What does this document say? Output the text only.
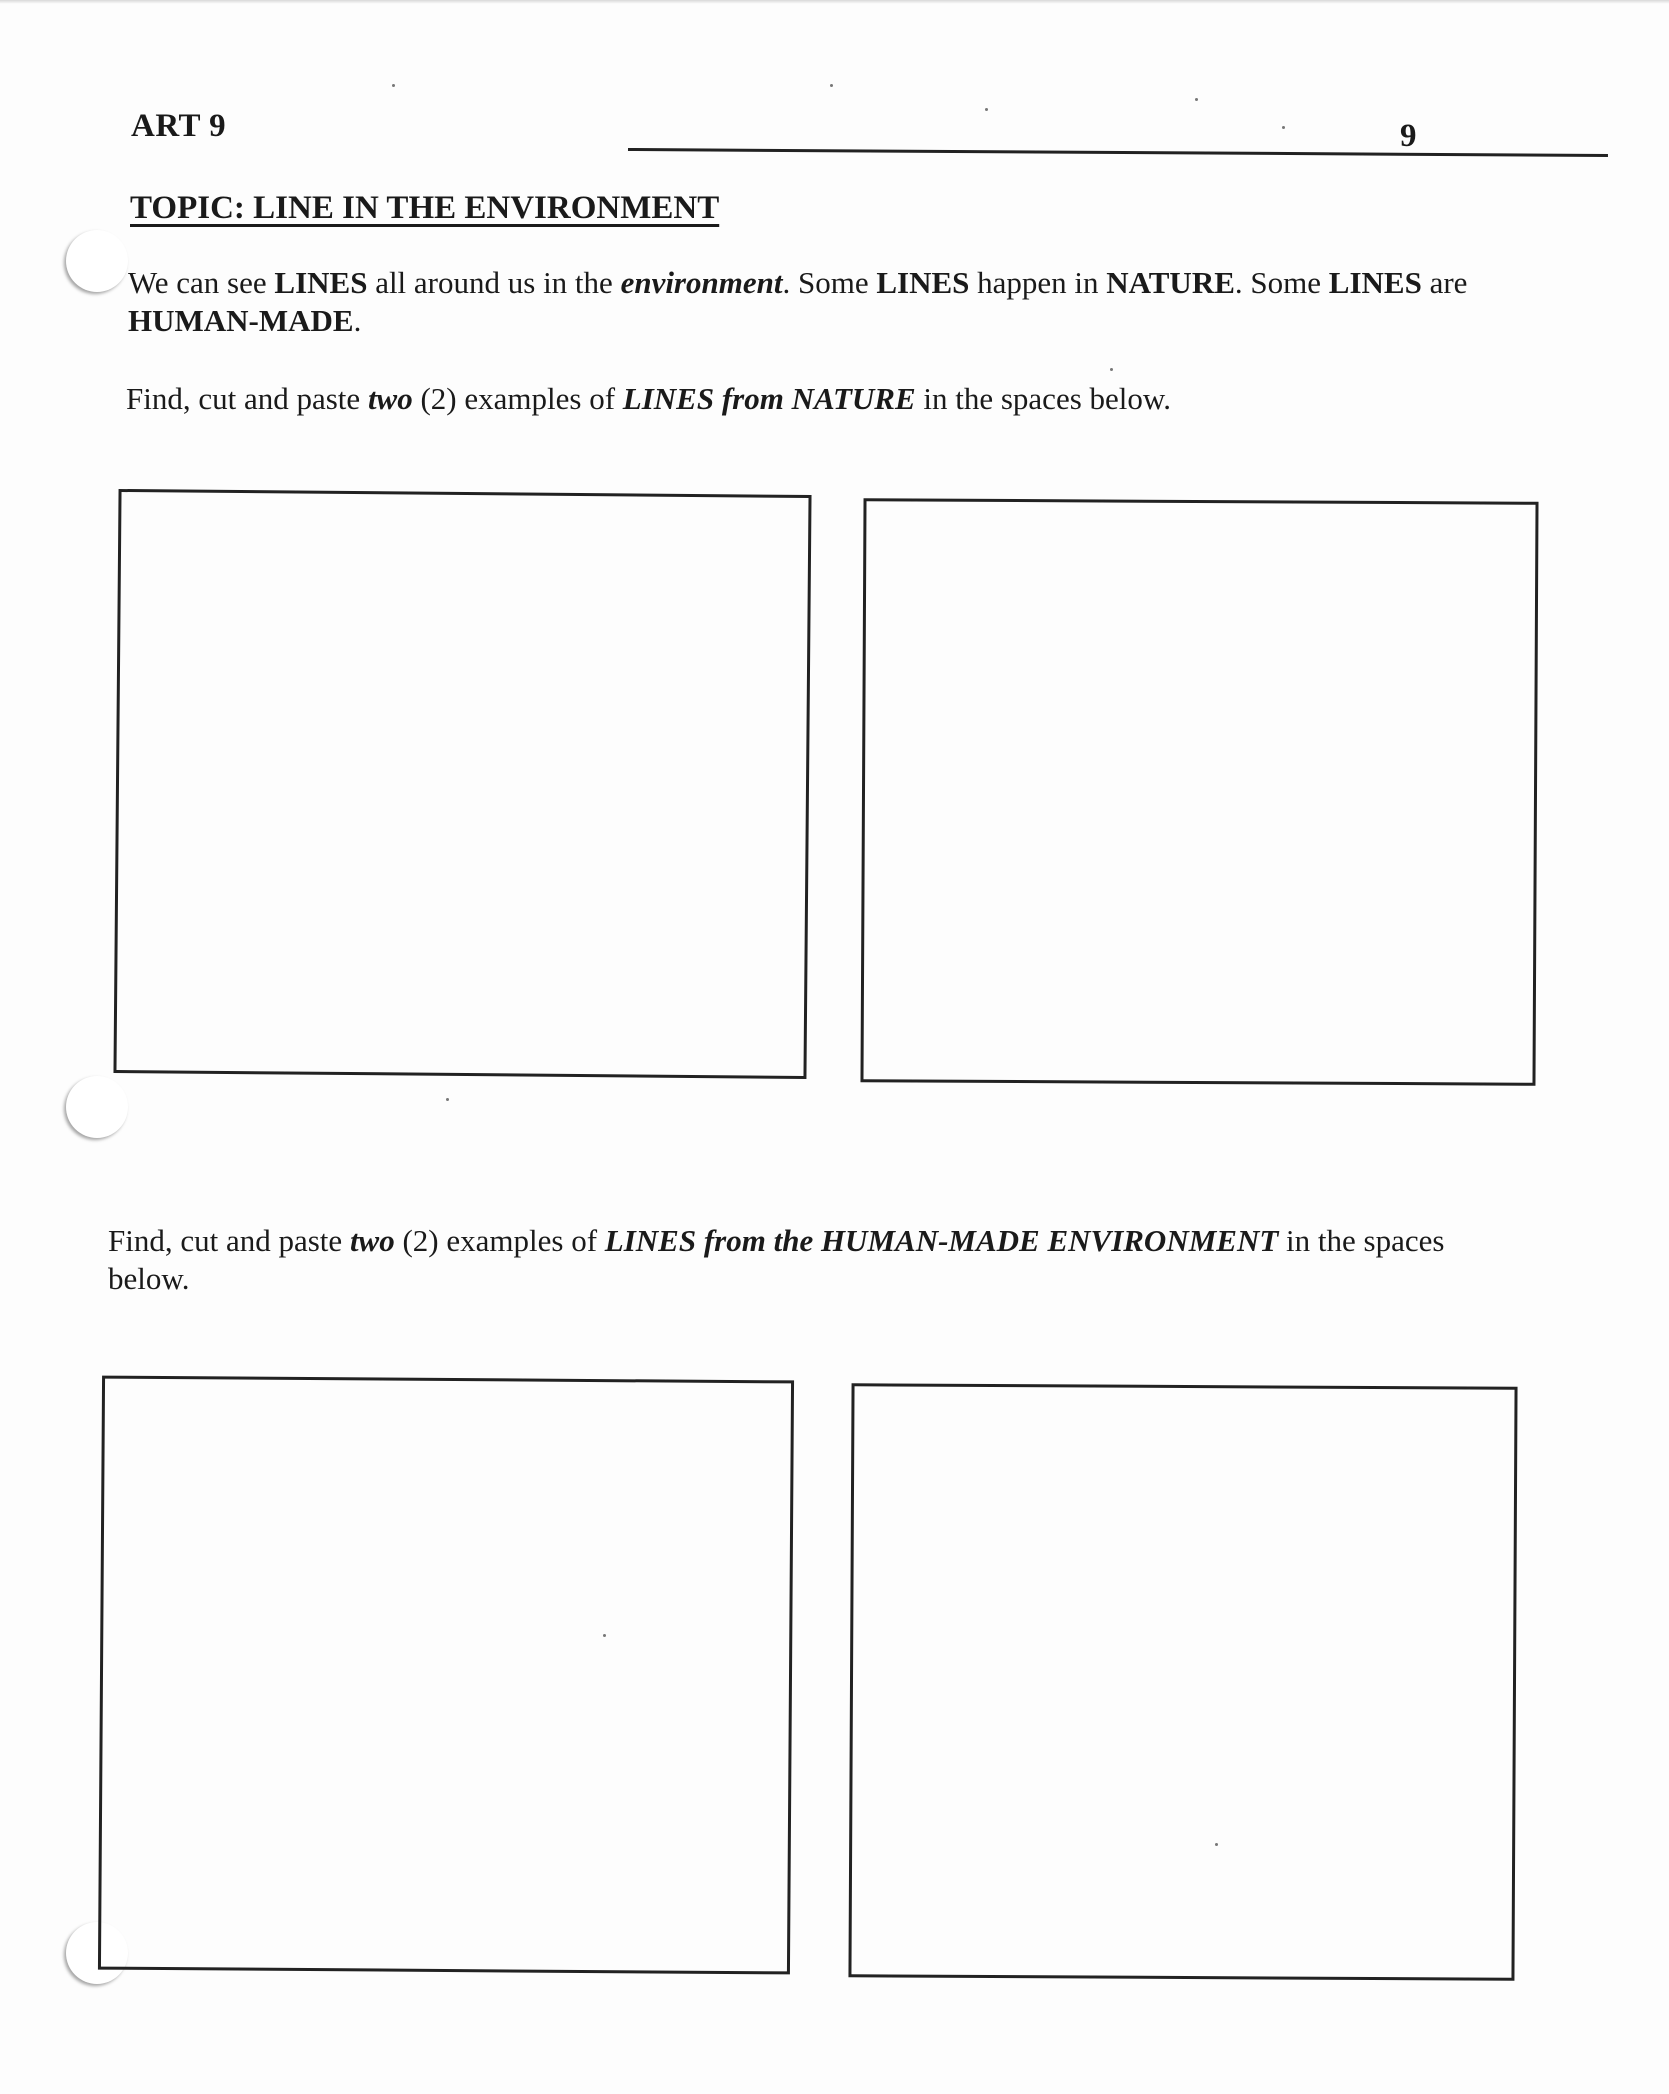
ART 9	9
TOPIC: LINE IN THE ENVIRONMENT
We can see LINES all around us in the environment. Some LINES happen in NATURE. Some LINES are HUMAN-MADE.
Find, cut and paste two (2) examples of LINES from NATURE in the spaces below.
Find, cut and paste two (2) examples of LINES from the HUMAN-MADE ENVIRONMENT in the spaces below.
